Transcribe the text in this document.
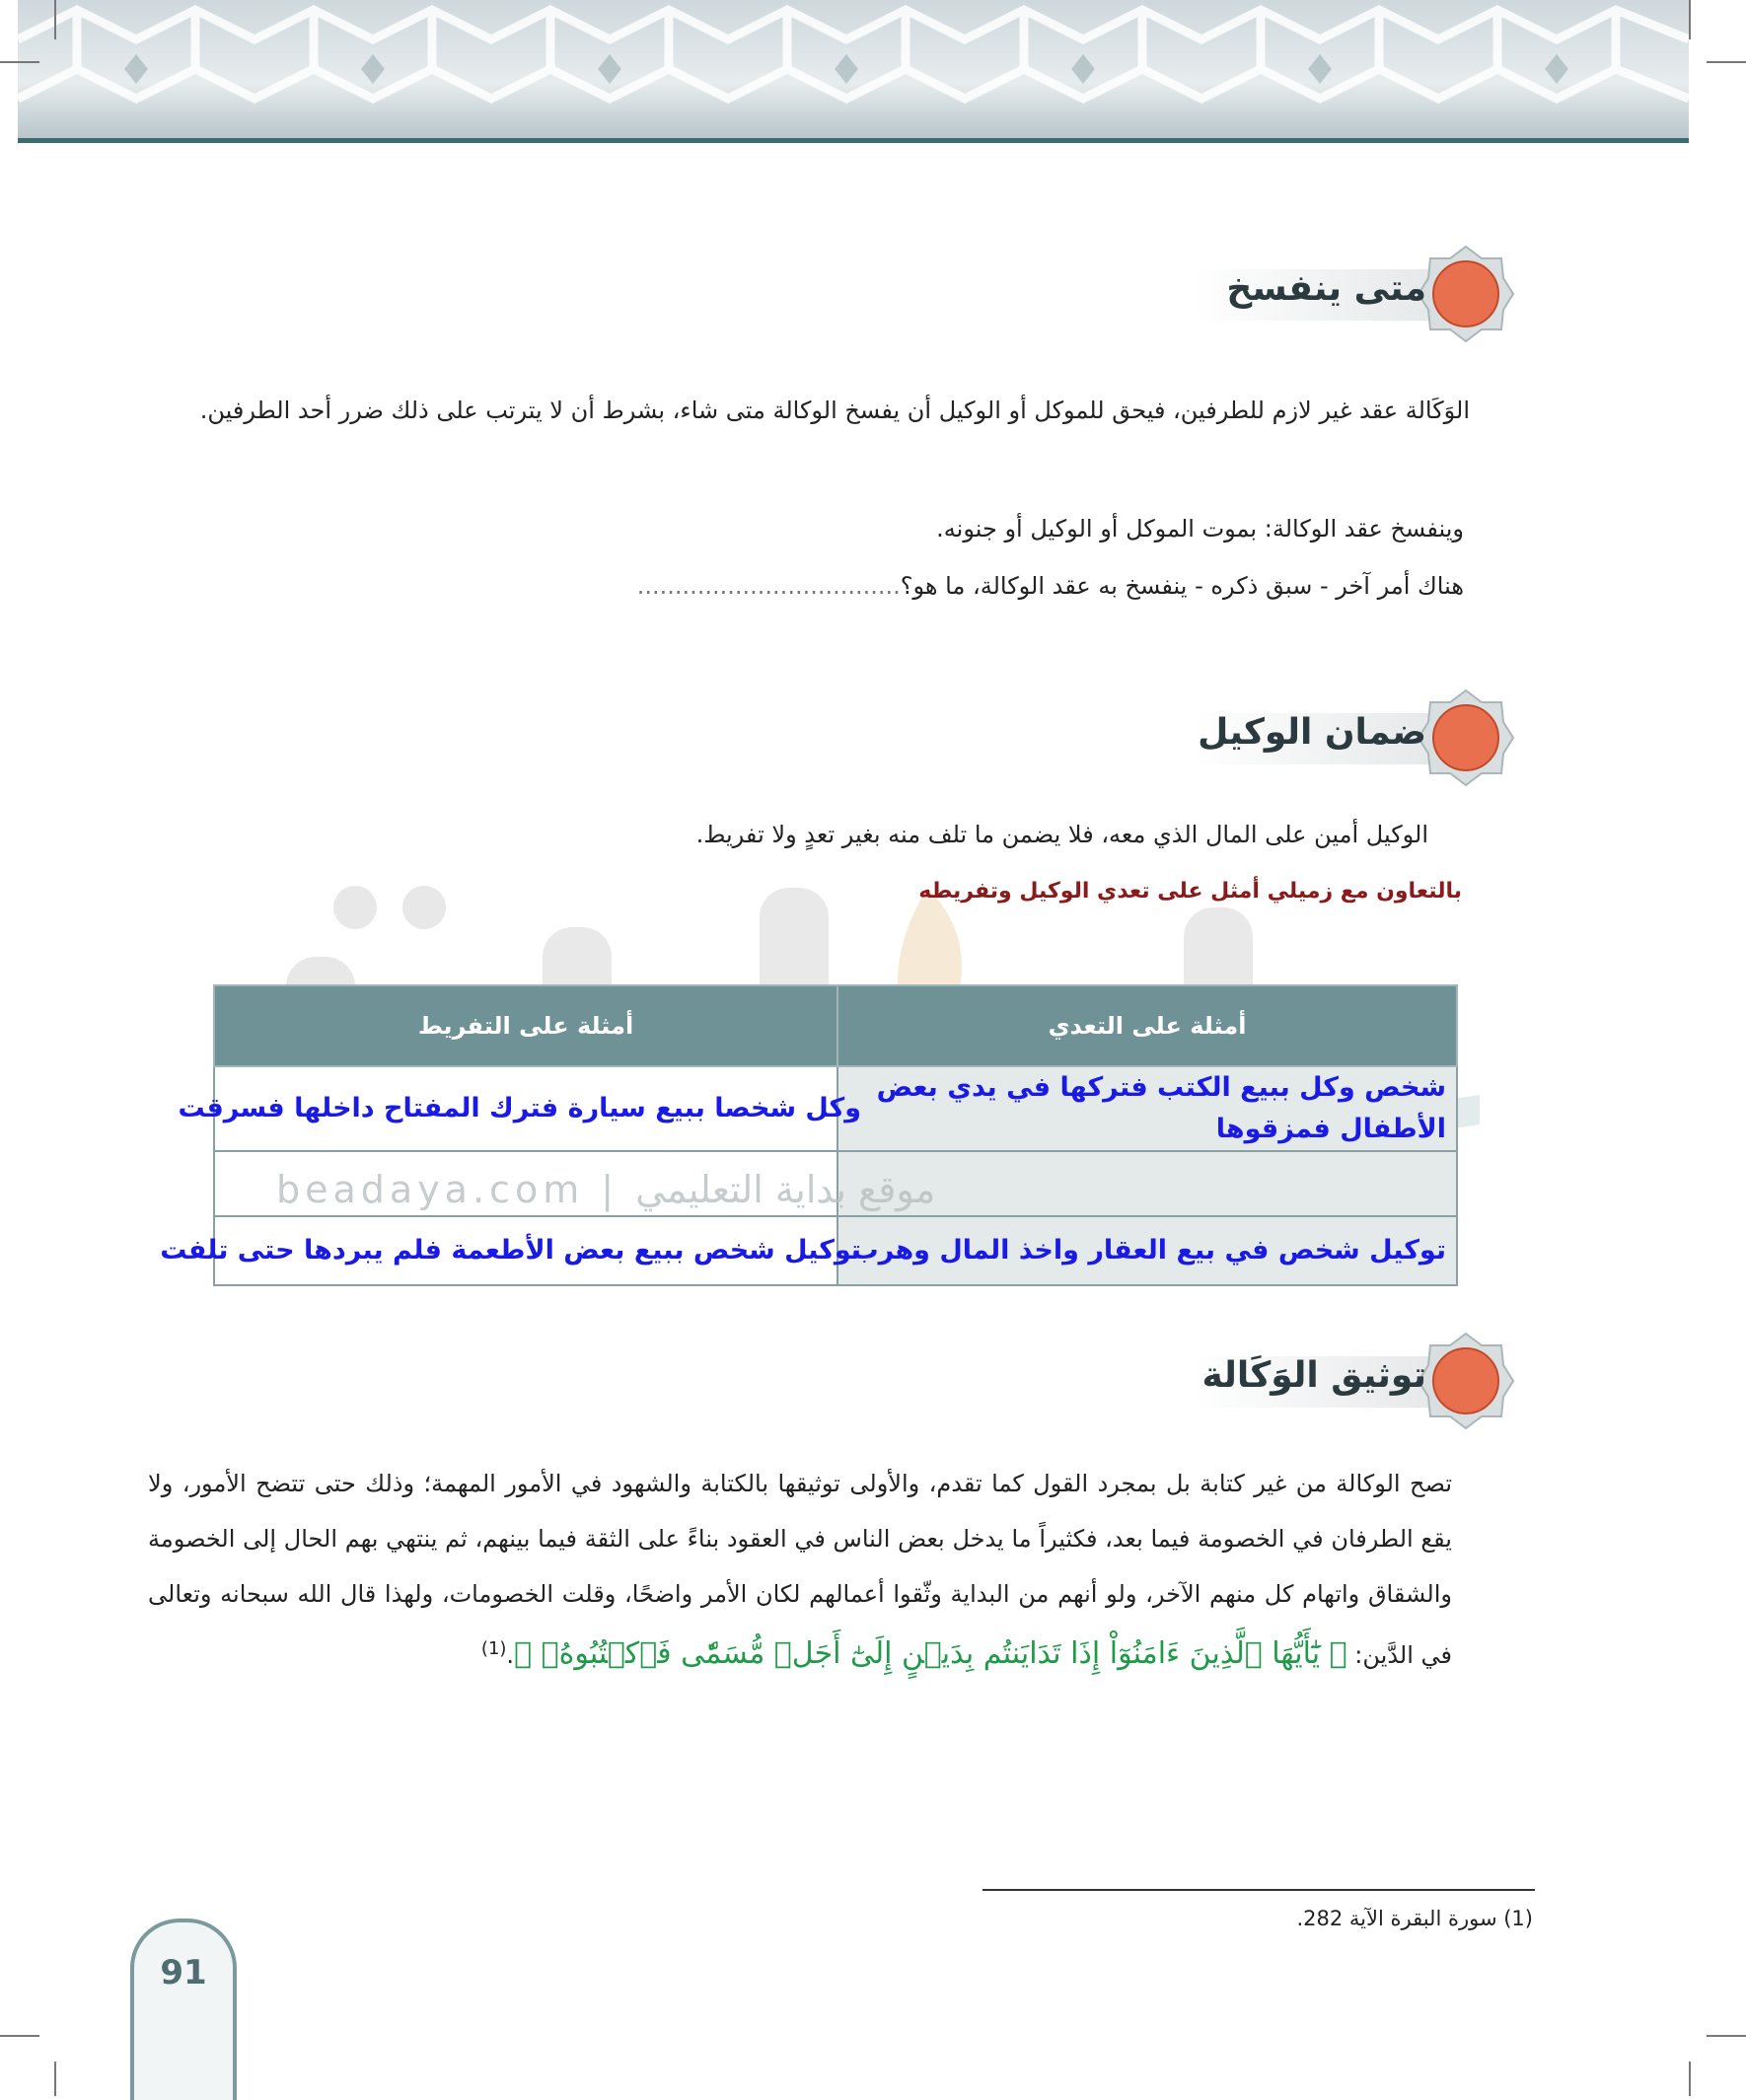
متى ينفسخ
الوَكَالة عقد غير لازم للطرفين، فيحق للموكل أو الوكيل أن يفسخ الوكالة متى شاء، بشرط أن لا يترتب على ذلك ضرر أحد الطرفين.
وينفسخ عقد الوكالة: بموت الموكل أو الوكيل أو جنونه.
هناك أمر آخر - سبق ذكره - ينفسخ به عقد الوكالة، ما هو؟...................................
ضمان الوكيل
الوكيل أمين على المال الذي معه، فلا يضمن ما تلف منه بغير تعدٍ ولا تفريط.
بالتعاون مع زميلي أمثل على تعدي الوكيل وتفريطه
أمثلة على التعدي	أمثلة على التفريط
شخص وكل ببيع الكتب فتركها في يدي بعض الأطفال فمزقوها	وكل شخصا ببيع سيارة فترك المفتاح داخلها فسرقت

توكيل شخص في بيع العقار واخذ المال وهرب	توكيل شخص ببيع بعض الأطعمة فلم يبردها حتى تلفت
beadaya.com | موقع بداية التعليمي
توثيق الوَكَالة
تصح الوكالة من غير كتابة بل بمجرد القول كما تقدم، والأولى توثيقها بالكتابة والشهود في الأمور المهمة؛ وذلك حتى تتضح الأمور، ولا يقع الطرفان في الخصومة فيما بعد، فكثيراً ما يدخل بعض الناس في العقود بناءً على الثقة فيما بينهم، ثم ينتهي بهم الحال إلى الخصومة والشقاق واتهام كل منهم الآخر، ولو أنهم من البداية وثّقوا أعمالهم لكان الأمر واضحًا، وقلت الخصومات، ولهذا قال الله سبحانه وتعالى في الدَّين: ﴿ يَٰٓأَيُّهَا ٱلَّذِينَ ءَامَنُوٓاْ إِذَا تَدَايَنتُم بِدَيۡنٍ إِلَىٰٓ أَجَلٖ مُّسَمّٗى فَٱكۡتُبُوهُۚ ﴾.$^{(1)}$
(1) سورة البقرة الآية 282.
91
